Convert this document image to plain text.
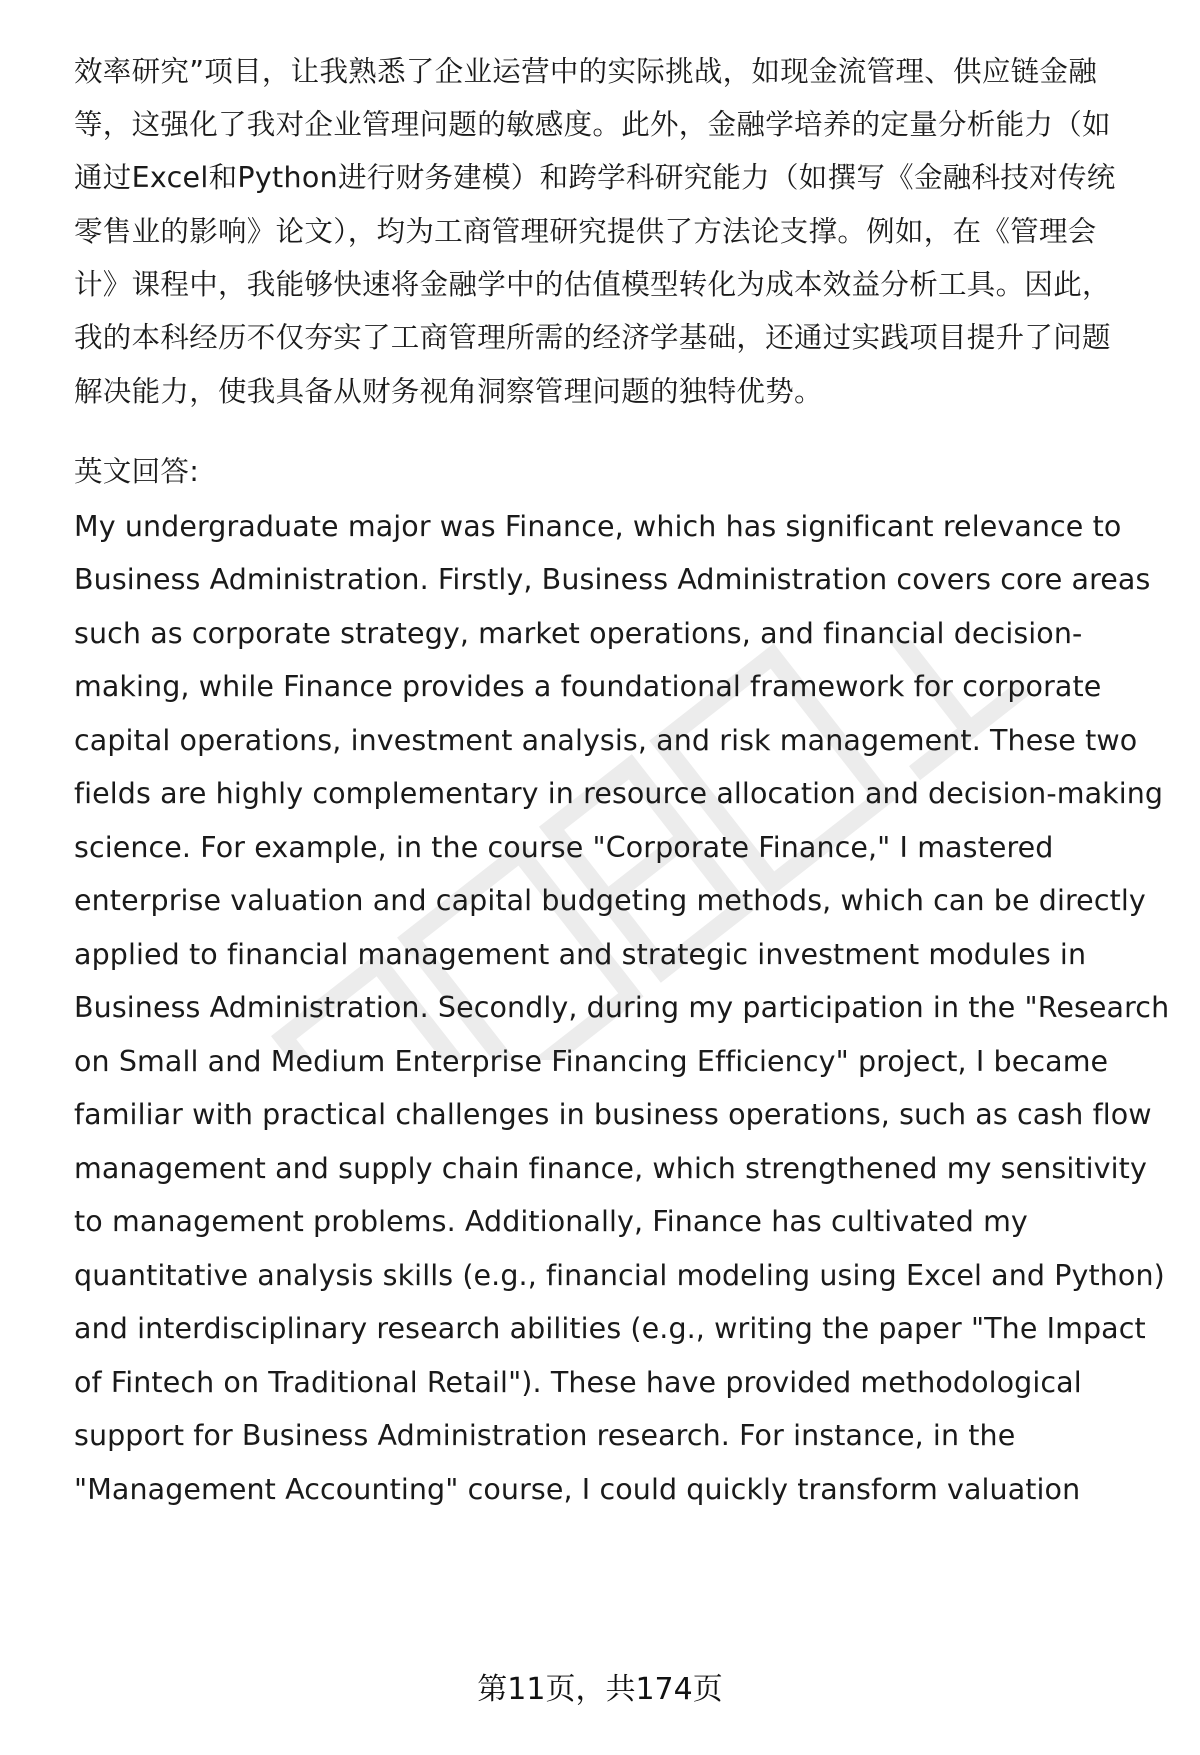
效率研究”项目，让我熟悉了企业运营中的实际挑战，如现金流管理、供应链金融
等，这强化了我对企业管理问题的敏感度。此外，金融学培养的定量分析能力（如
通过Excel和Python进行财务建模）和跨学科研究能力（如撰写《金融科技对传统
零售业的影响》论文），均为工商管理研究提供了方法论支撑。例如，在《管理会
计》课程中，我能够快速将金融学中的估值模型转化为成本效益分析工具。因此，
我的本科经历不仅夯实了工商管理所需的经济学基础，还通过实践项目提升了问题
解决能力，使我具备从财务视角洞察管理问题的独特优势。
英文回答:
My undergraduate major was Finance, which has significant relevance to
Business Administration. Firstly, Business Administration covers core areas
such as corporate strategy, market operations, and financial decision-
making, while Finance provides a foundational framework for corporate
capital operations, investment analysis, and risk management. These two
fields are highly complementary in resource allocation and decision-making
science. For example, in the course "Corporate Finance," I mastered
enterprise valuation and capital budgeting methods, which can be directly
applied to financial management and strategic investment modules in
Business Administration. Secondly, during my participation in the "Research
on Small and Medium Enterprise Financing Efficiency" project, I became
familiar with practical challenges in business operations, such as cash flow
management and supply chain finance, which strengthened my sensitivity
to management problems. Additionally, Finance has cultivated my
quantitative analysis skills (e.g., financial modeling using Excel and Python)
and interdisciplinary research abilities (e.g., writing the paper "The Impact
of Fintech on Traditional Retail"). These have provided methodological
support for Business Administration research. For instance, in the
"Management Accounting" course, I could quickly transform valuation
第11页，共174页
